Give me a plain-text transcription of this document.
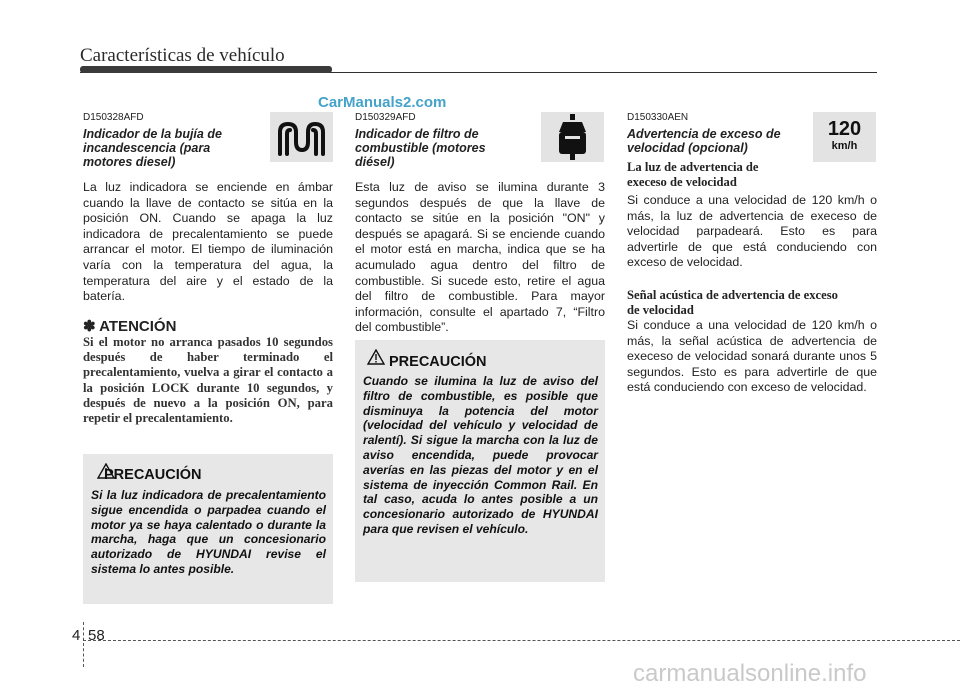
Características de vehículo
CarManuals2.com
D150328AFD
Indicador de la bujía de
incandescencia (para
motores diesel)
La luz indicadora se enciende en ámbar cuando la llave de contacto se sitúa en la posición ON. Cuando se apaga la luz indicadora de precalentamiento se puede arrancar el motor. El tiempo de iluminación varía con la temperatura del agua, la temperatura del aire y el estado de la batería.
✽ ATENCIÓN
Si el motor no arranca pasados 10 segundos después de haber terminado el precalentamiento, vuelva a girar el contacto a la posición LOCK durante 10 segundos, y después de nuevo a la posición ON, para repetir el precalentamiento.
PRECAUCIÓN
Si la luz indicadora de precalentamiento sigue encendida o parpadea cuando el motor ya se haya calentado o durante la marcha, haga que un concesionario autorizado de HYUNDAI revise el sistema lo antes posible.
D150329AFD
Indicador de filtro de
combustible (motores
diésel)
Esta luz de aviso se ilumina durante 3 segundos después de que la llave de contacto se sitúe en la posición "ON" y después se apagará. Si se enciende cuando el motor está en marcha, indica que se ha acumulado agua dentro del filtro de combustible. Si sucede esto, retire el agua del filtro de combustible. Para mayor información, consulte el apartado 7, “Filtro del combustible”.
PRECAUCIÓN
Cuando se ilumina la luz de aviso del filtro de combustible, es posible que disminuya la potencia del motor (velocidad del vehículo y velocidad de ralentí). Si sigue la marcha con la luz de aviso encendida, puede provocar averías en las piezas del motor y en el sistema de inyección Common Rail. En tal caso, acuda lo antes posible a un concesionario autorizado de HYUNDAI para que revisen el vehículo.
D150330AEN
Advertencia de exceso de
velocidad (opcional)
120
km/h
La luz de advertencia de
execeso de velocidad
Si conduce a una velocidad de 120 km/h o más, la luz de advertencia de execeso de velocidad parpadeará. Esto es para advertirle de que está conduciendo con exceso de velocidad.
Señal acústica de advertencia de exceso
de velocidad
Si conduce a una velocidad de 120 km/h o más, la señal acústica de advertencia de execeso de velocidad sonará durante unos 5 segundos. Esto es para advertirle de que está conduciendo con exceso de velocidad.
4 58
carmanualsonline.info
